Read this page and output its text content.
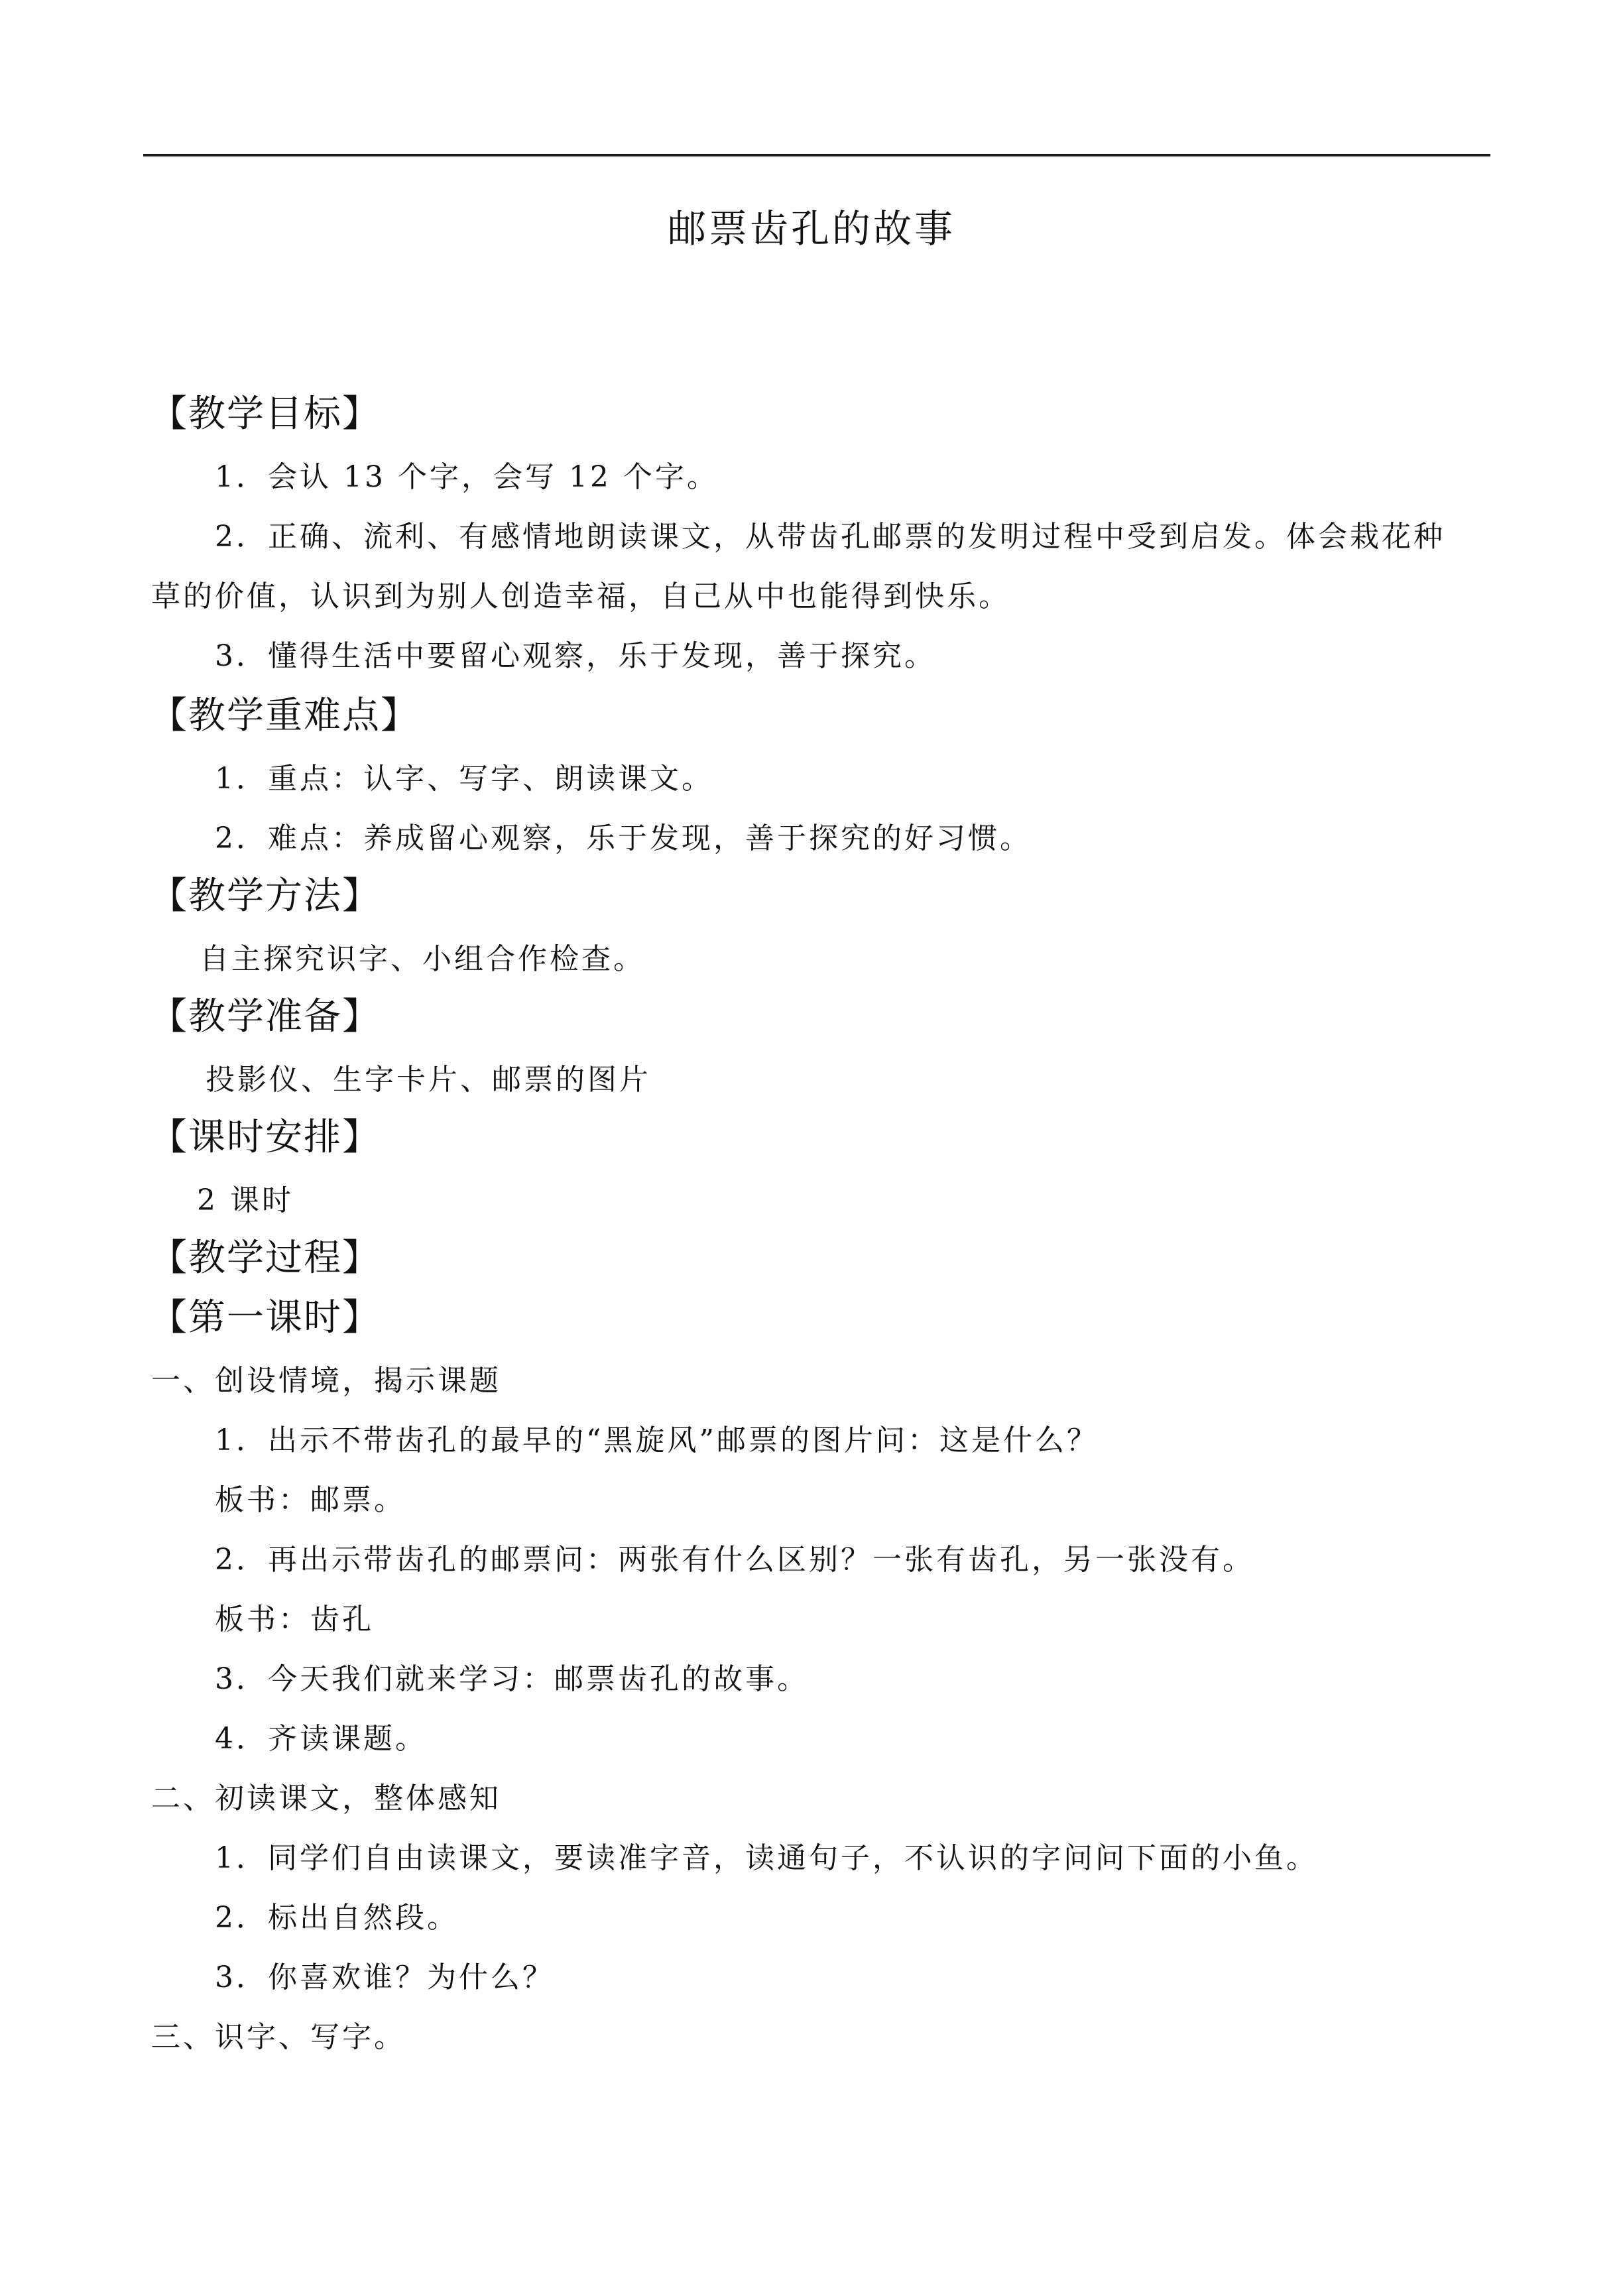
邮票齿孔的故事
【教学目标】
1．会认 13 个字，会写 12 个字。
2．正确、流利、有感情地朗读课文，从带齿孔邮票的发明过程中受到启发。体会栽花种
草的价值，认识到为别人创造幸福，自己从中也能得到快乐。
3．懂得生活中要留心观察，乐于发现，善于探究。
【教学重难点】
1．重点：认字、写字、朗读课文。
2．难点：养成留心观察，乐于发现，善于探究的好习惯。
【教学方法】
自主探究识字、小组合作检查。
【教学准备】
投影仪、生字卡片、邮票的图片
【课时安排】
2 课时
【教学过程】
【第一课时】
一、创设情境，揭示课题
1．出示不带齿孔的最早的“黑旋风”邮票的图片问：这是什么？
板书：邮票。
2．再出示带齿孔的邮票问：两张有什么区别？一张有齿孔，另一张没有。
板书：齿孔
3．今天我们就来学习：邮票齿孔的故事。
4．齐读课题。
二、初读课文，整体感知
1．同学们自由读课文，要读准字音，读通句子，不认识的字问问下面的小鱼。
2．标出自然段。
3．你喜欢谁？为什么？
三、识字、写字。
